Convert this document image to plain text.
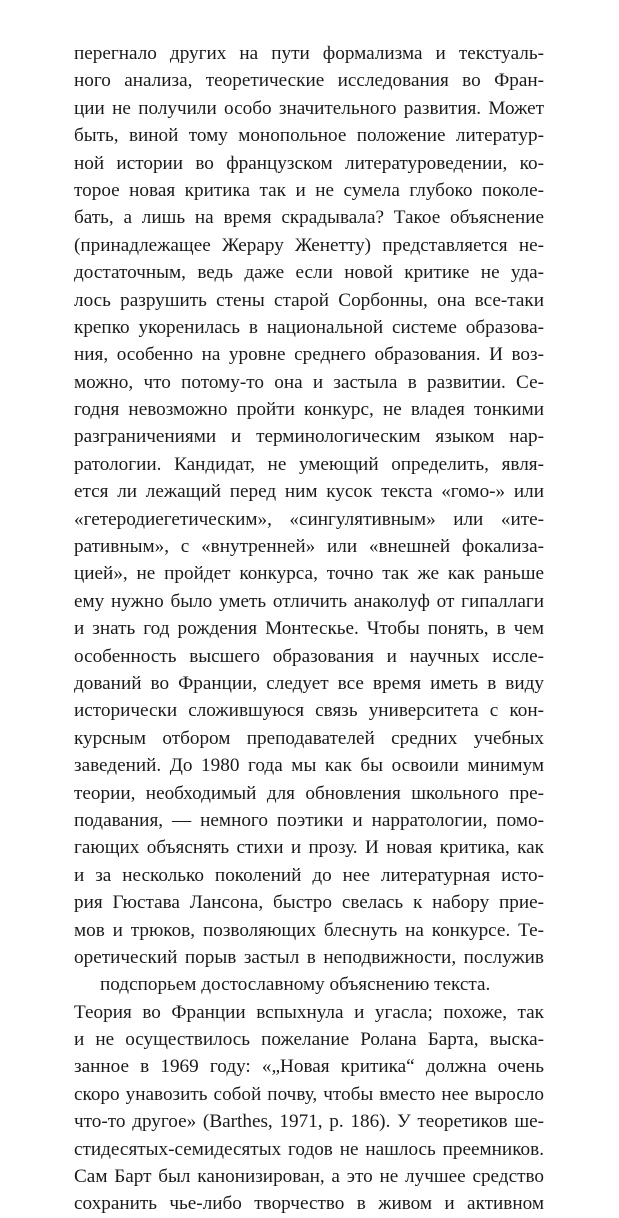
перегнало других на пути формализма и текстуаль-
ного анализа, теоретические исследования во Фран-
ции не получили особо значительного развития. Может
быть, виной тому монопольное положение литератур-
ной истории во французском литературоведении, ко-
торое новая критика так и не сумела глубоко поколе-
бать, а лишь на время скрадывала? Такое объяснение
(принадлежащее Жерару Женетту) представляется не-
достаточным, ведь даже если новой критике не уда-
лось разрушить стены старой Сорбонны, она все-таки
крепко укоренилась в национальной системе образова-
ния, особенно на уровне среднего образования. И воз-
можно, что потому-то она и застыла в развитии. Се-
годня невозможно пройти конкурс, не владея тонкими
разграничениями и терминологическим языком нар-
ратологии. Кандидат, не умеющий определить, явля-
ется ли лежащий перед ним кусок текста «гомо-» или
«гетеродиегетическим», «сингулятивным» или «ите-
ративным», с «внутренней» или «внешней фокализа-
цией», не пройдет конкурса, точно так же как раньше
ему нужно было уметь отличить анаколуф от гипаллаги
и знать год рождения Монтескье. Чтобы понять, в чем
особенность высшего образования и научных иссле-
дований во Франции, следует все время иметь в виду
исторически сложившуюся связь университета с кон-
курсным отбором преподавателей средних учебных
заведений. До 1980 года мы как бы освоили минимум
теории, необходимый для обновления школьного пре-
подавания, — немного поэтики и нарратологии, помо-
гающих объяснять стихи и прозу. И новая критика, как
и за несколько поколений до нее литературная исто-
рия Гюстава Лансона, быстро свелась к набору прие-
мов и трюков, позволяющих блеснуть на конкурсе. Те-
оретический порыв застыл в неподвижности, послужив
подспорьем достославному объяснению текста.
Теория во Франции вспыхнула и угасла; похоже, так
и не осуществилось пожелание Ролана Барта, выска-
занное в 1969 году: «„Новая критика“ должна очень
скоро унавозить собой почву, чтобы вместо нее выросло
что-то другое» (Barthes, 1971, p. 186). У теоретиков ше-
стидесятых-семидесятых годов не нашлось преемников.
Сам Барт был канонизирован, а это не лучшее средство
сохранить чье-либо творчество в живом и активном
